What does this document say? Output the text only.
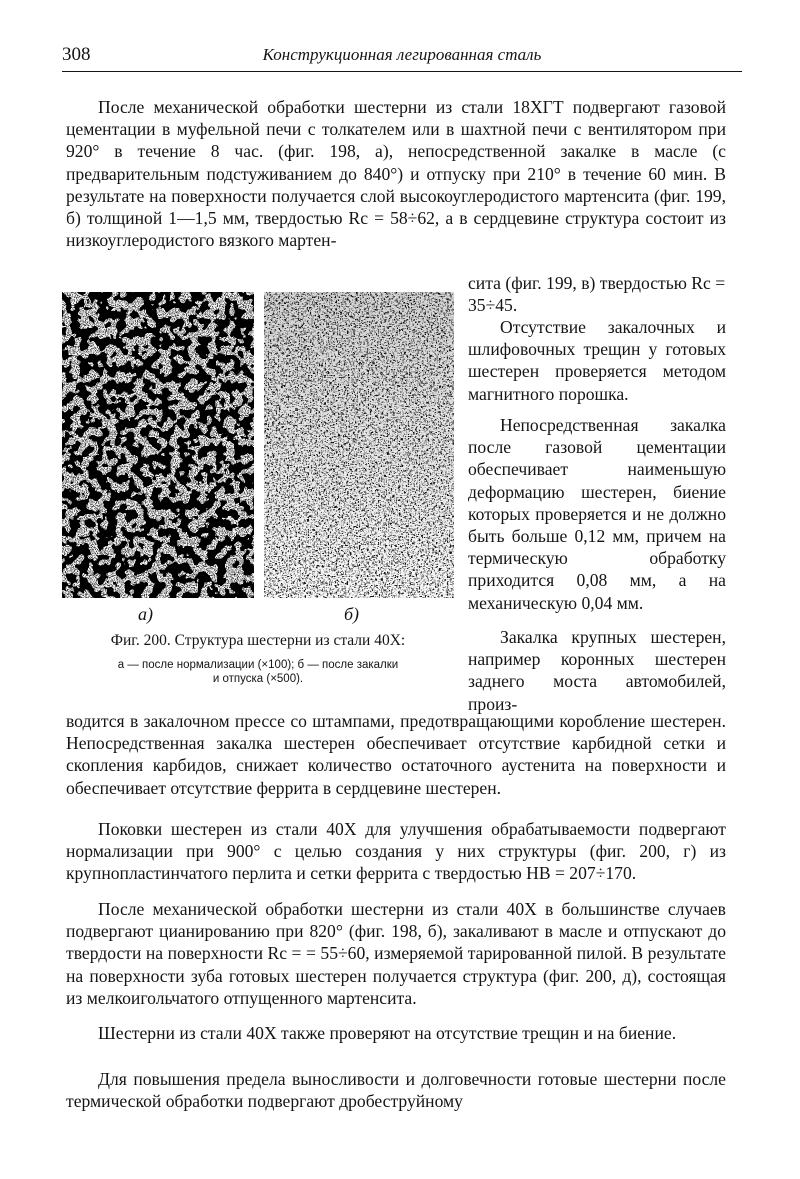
308	Конструкционная легированная сталь

После механической обработки шестерни из стали 18ХГТ подвергают газовой цементации в муфельной печи с толкателем или в шахтной печи с вентилятором при 920° в течение 8 час. (фиг. 198, а), непосредственной закалке в масле (с предварительным подстуживанием до 840°) и отпуску при 210° в течение 60 мин. В результате на поверхности получается слой высокоуглеродистого мартенсита (фиг. 199, б) толщиной 1—1,5 мм, твердостью Rc = 58÷62, а в сердцевине структура состоит из низкоуглеродистого вязкого мартен-

сита (фиг. 199, в) твердостью Rc = 35÷45.

Отсутствие закалочных и шлифовочных трещин у готовых шестерен проверяется методом магнитного порошка.

Непосредственная закалка после газовой цементации обеспечивает наименьшую деформацию шестерен, биение которых проверяется и не должно быть больше 0,12 мм, причем на термическую обработку приходится 0,08 мм, а на механическую 0,04 мм.

Закалка крупных шестерен, например коронных шестерен заднего моста автомобилей, произ-

водится в закалочном прессе со штампами, предотвращающими коробление шестерен. Непосредственная закалка шестерен обеспечивает отсутствие карбидной сетки и скопления карбидов, снижает количество остаточного аустенита на поверхности и обеспечивает отсутствие феррита в сердцевине шестерен.

Поковки шестерен из стали 40Х для улучшения обрабатываемости подвергают нормализации при 900° с целью создания у них структуры (фиг. 200, г) из крупнопластинчатого перлита и сетки феррита с твердостью HB = 207÷170.

После механической обработки шестерни из стали 40Х в большинстве случаев подвергают цианированию при 820° (фиг. 198, б), закаливают в масле и отпускают до твердости на поверхности Rc = = 55÷60, измеряемой тарированной пилой. В результате на поверхности зуба готовых шестерен получается структура (фиг. 200, д), состоящая из мелкоигольчатого отпущенного мартенсита.

Шестерни из стали 40Х также проверяют на отсутствие трещин и на биение.

Для повышения предела выносливости и долговечности готовые шестерни после термической обработки подвергают дробеструйному

а)	б)
Фиг. 200. Структура шестерни из стали 40Х:
а — после нормализации (×100); б — после закалки
и отпуска (×500).
